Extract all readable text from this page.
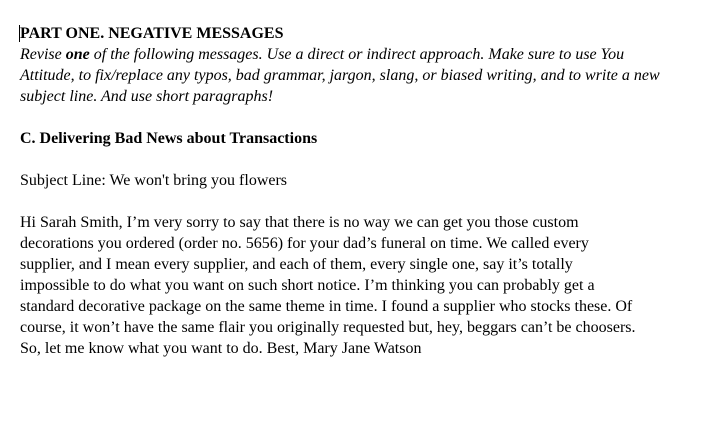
PART ONE. NEGATIVE MESSAGES

Revise one of the following messages. Use a direct or indirect approach. Make sure to use You Attitude, to fix/replace any typos, bad grammar, jargon, slang, or biased writing, and to write a new subject line. And use short paragraphs!

C. Delivering Bad News about Transactions

Subject Line: We won't bring you flowers

Hi Sarah Smith, I’m very sorry to say that there is no way we can get you those custom
decorations you ordered (order no. 5656) for your dad’s funeral on time. We called every
supplier, and I mean every supplier, and each of them, every single one, say it’s totally
impossible to do what you want on such short notice. I’m thinking you can probably get a
standard decorative package on the same theme in time. I found a supplier who stocks these. Of
course, it won’t have the same flair you originally requested but, hey, beggars can’t be choosers.
So, let me know what you want to do. Best, Mary Jane Watson
